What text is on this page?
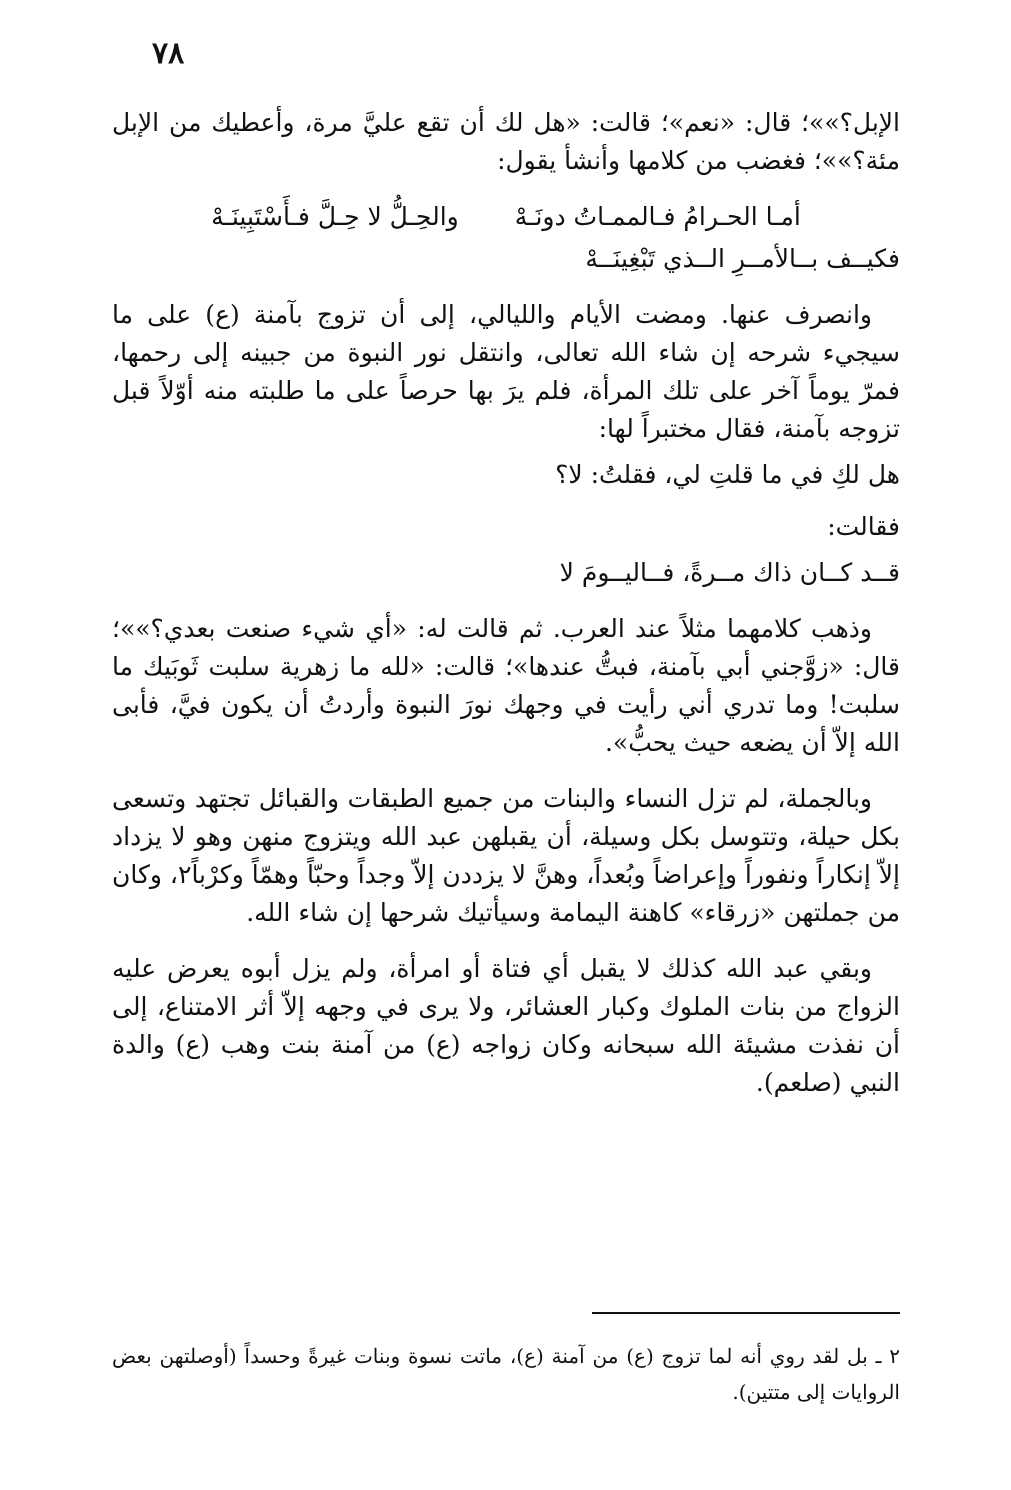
٧٨

الإبل؟»»؛ قال: «نعم»؛ قالت: «هل لك أن تقع عليَّ مرة، وأعطيك من الإبل مئة؟»»؛ فغضب من كلامها وأنشأ يقول:

أمـا الحـرامُ فـالممـاتُ دونَـهْ
والحِـلُّ لا حِـلَّ فـأَسْتَبِينَـهْ
فكيــف بــالأمــرِ الــذي تَبْغِينَــهْ

وانصرف عنها. ومضت الأيام والليالي، إلى أن تزوج بآمنة (ع) على ما سيجيء شرحه إن شاء الله تعالى، وانتقل نور النبوة من جبينه إلى رحمها، فمرّ يوماً آخر على تلك المرأة، فلم يرَ بها حرصاً على ما طلبته منه أوّلاً قبل تزوجه بآمنة، فقال مختبراً لها:

هل لكِ في ما قلتِ لي، فقلتُ: لا؟
فقالت:
قــد كــان ذاك مــرةً، فــاليــومَ لا

وذهب كلامهما مثلاً عند العرب. ثم قالت له: «أي شيء صنعت بعدي؟»»؛ قال: «زوَّجني أبي بآمنة، فبتُّ عندها»؛ قالت: «لله ما زهرية سلبت ثَوبَيك ما سلبت! وما تدري أني رأيت في وجهك نورَ النبوة وأردتُ أن يكون فيَّ، فأبى الله إلاّ أن يضعه حيث يحبُّ».

وبالجملة، لم تزل النساء والبنات من جميع الطبقات والقبائل تجتهد وتسعى بكل حيلة، وتتوسل بكل وسيلة، أن يقبلهن عبد الله ويتزوج منهن وهو لا يزداد إلاّ إنكاراً ونفوراً وإعراضاً وبُعداً، وهنَّ لا يزددن إلاّ وجداً وحبّاً وهمّاً وكرْباً٢، وكان من جملتهن «زرقاء» كاهنة اليمامة وسيأتيك شرحها إن شاء الله.

وبقي عبد الله كذلك لا يقبل أي فتاة أو امرأة، ولم يزل أبوه يعرض عليه الزواج من بنات الملوك وكبار العشائر، ولا يرى في وجهه إلاّ أثر الامتناع، إلى أن نفذت مشيئة الله سبحانه وكان زواجه (ع) من آمنة بنت وهب (ع) والدة النبي (صلعم).

٢ ـ بل لقد روي أنه لما تزوج (ع) من آمنة (ع)، ماتت نسوة وبنات غيرةً وحسداً (أوصلتهن بعض الروايات إلى متتين).
